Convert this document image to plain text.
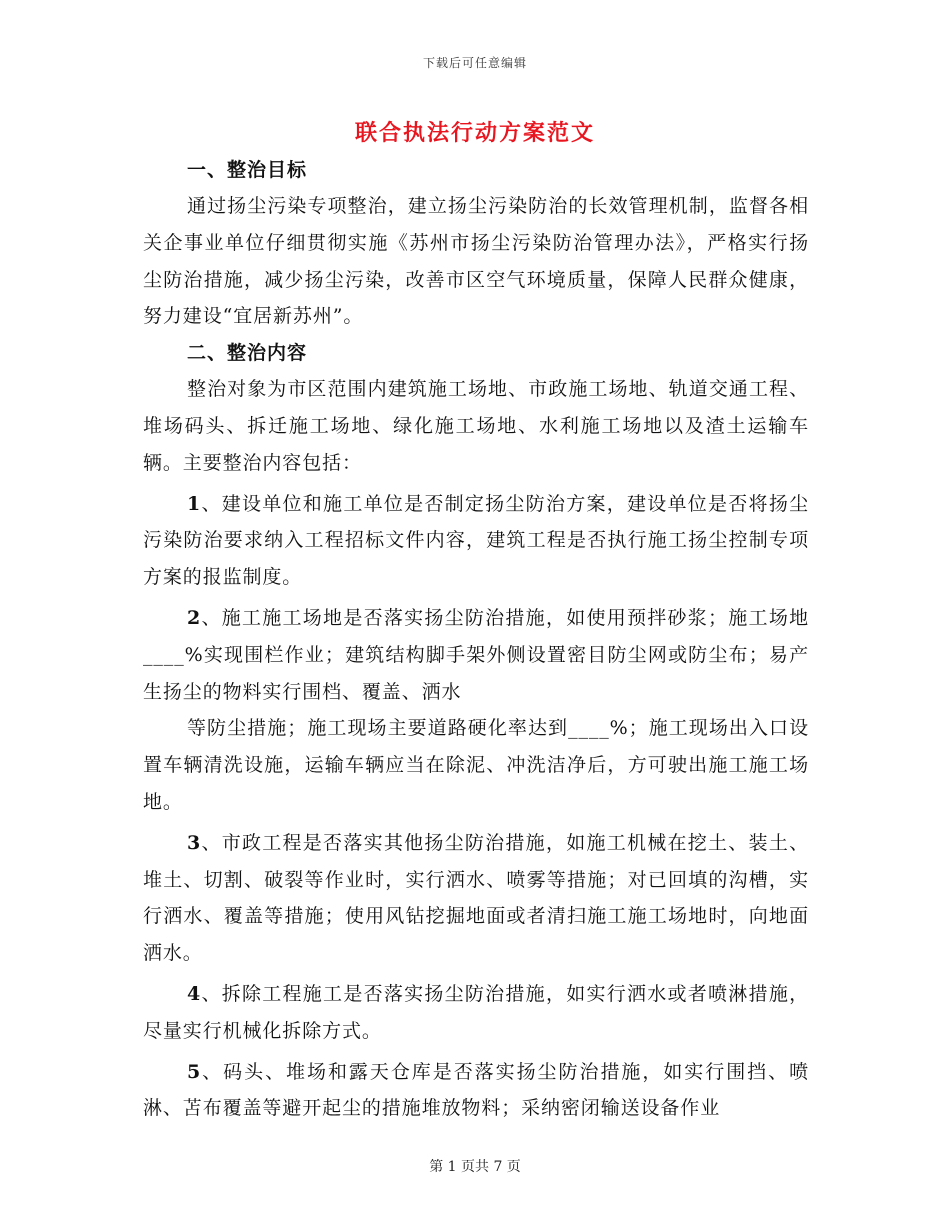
下载后可任意编辑
联合执法行动方案范文

一、整治目标

通过扬尘污染专项整治，建立扬尘污染防治的长效管理机制，监督各相关企事业单位仔细贯彻实施《苏州市扬尘污染防治管理办法》，严格实行扬尘防治措施，减少扬尘污染，改善市区空气环境质量，保障人民群众健康，努力建设“宜居新苏州”。

二、整治内容

整治对象为市区范围内建筑施工场地、市政施工场地、轨道交通工程、堆场码头、拆迁施工场地、绿化施工场地、水利施工场地以及渣土运输车辆。主要整治内容包括：

1、建设单位和施工单位是否制定扬尘防治方案，建设单位是否将扬尘污染防治要求纳入工程招标文件内容，建筑工程是否执行施工扬尘控制专项方案的报监制度。

2、施工施工场地是否落实扬尘防治措施，如使用预拌砂浆；施工场地____%实现围栏作业；建筑结构脚手架外侧设置密目防尘网或防尘布；易产生扬尘的物料实行围档、覆盖、洒水

等防尘措施；施工现场主要道路硬化率达到____%；施工现场出入口设置车辆清洗设施，运输车辆应当在除泥、冲洗洁净后，方可驶出施工施工场地。

3、市政工程是否落实其他扬尘防治措施，如施工机械在挖土、装土、堆土、切割、破裂等作业时，实行洒水、喷雾等措施；对已回填的沟槽，实行洒水、覆盖等措施；使用风钻挖掘地面或者清扫施工施工场地时，向地面洒水。

4、拆除工程施工是否落实扬尘防治措施，如实行洒水或者喷淋措施，尽量实行机械化拆除方式。

5、码头、堆场和露天仓库是否落实扬尘防治措施，如实行围挡、喷淋、苫布覆盖等避开起尘的措施堆放物料；采纳密闭输送设备作业

第 1 页共 7 页
